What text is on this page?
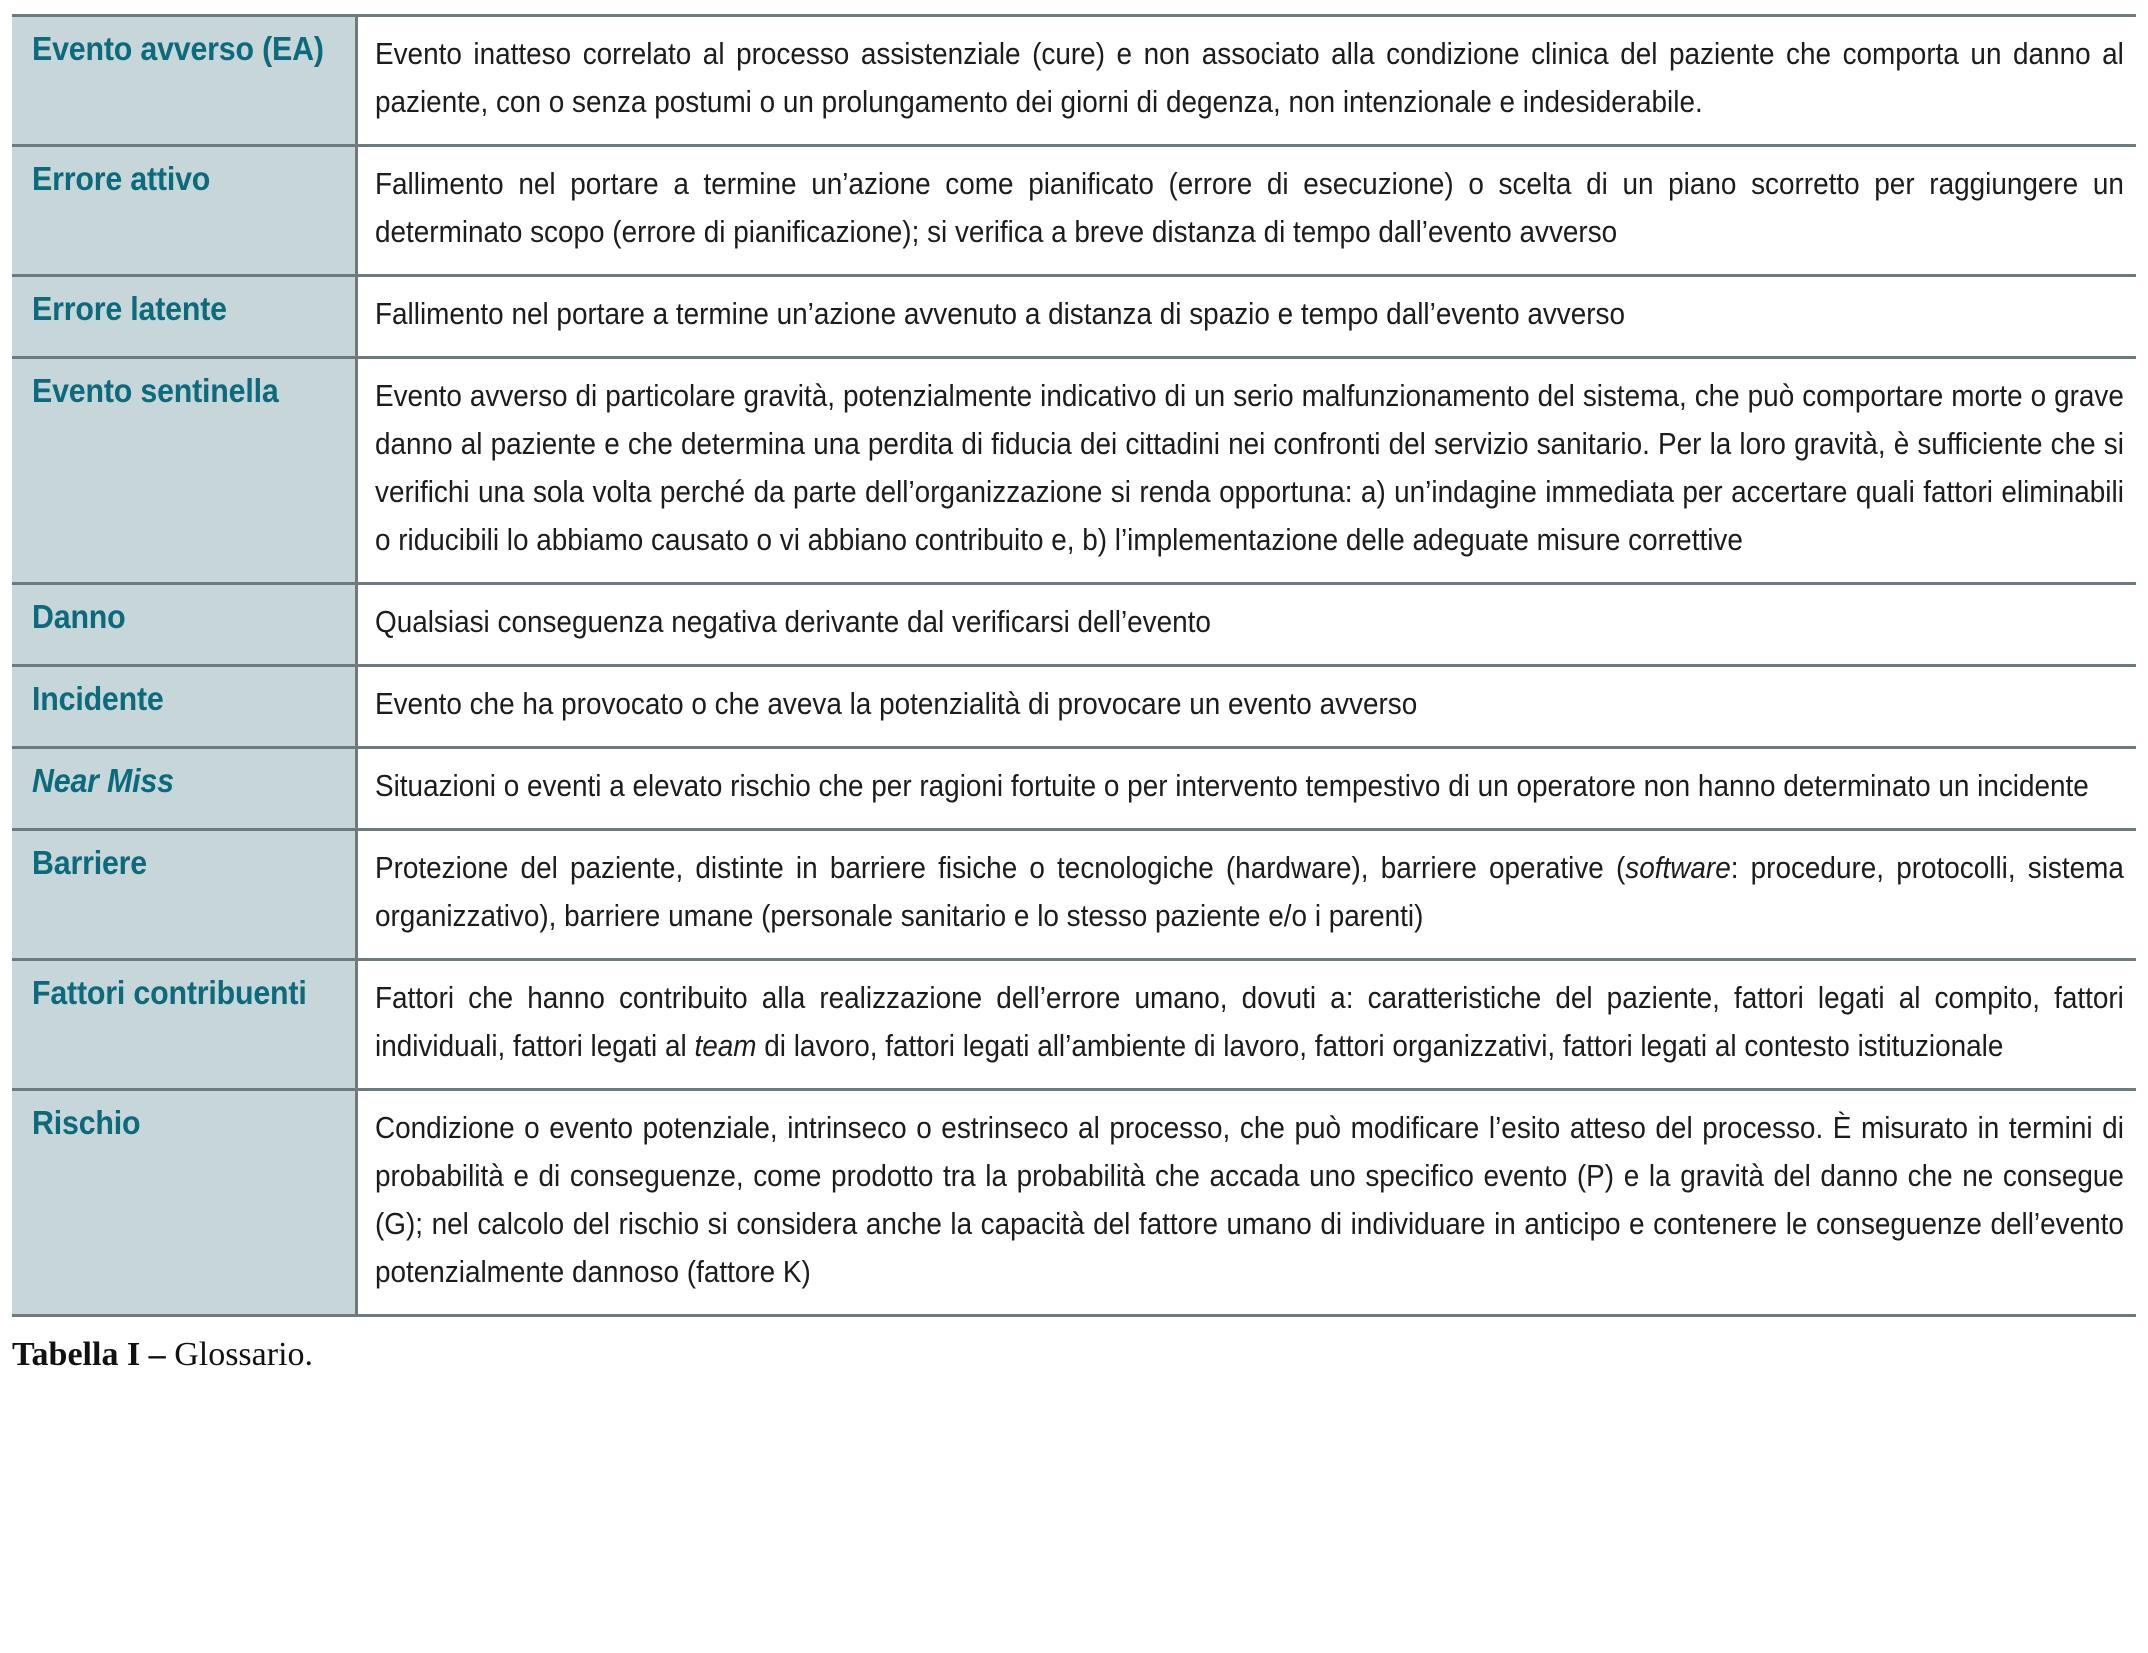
Evento avverso (EA)	Evento inatteso correlato al processo assistenziale (cure) e non associato alla condizione clinica del paziente che comporta un danno al paziente, con o senza postumi o un prolungamento dei giorni di degenza, non intenzionale e indesiderabile.

Errore attivo	Fallimento nel portare a termine un’azione come pianificato (errore di esecuzione) o scelta di un piano scorretto per raggiungere un determinato scopo (errore di pianificazione); si verifica a breve distanza di tempo dall’evento avverso

Errore latente	Fallimento nel portare a termine un’azione avvenuto a distanza di spazio e tempo dall’evento avverso

Evento sentinella	Evento avverso di particolare gravità, potenzialmente indicativo di un serio malfunzionamento del sistema, che può comportare morte o grave danno al paziente e che determina una perdita di fiducia dei cittadini nei confronti del servizio sanitario. Per la loro gravità, è sufficiente che si verifichi una sola volta perché da parte dell’organizzazione si renda opportuna: a) un’indagine immediata per accertare quali fattori eliminabili o riducibili lo abbiamo causato o vi abbiano contribuito e, b) l’implementazione delle adeguate misure correttive

Danno	Qualsiasi conseguenza negativa derivante dal verificarsi dell’evento

Incidente	Evento che ha provocato o che aveva la potenzialità di provocare un evento avverso

Near Miss	Situazioni o eventi a elevato rischio che per ragioni fortuite o per intervento tempestivo di un operatore non hanno determinato un incidente

Barriere	Protezione del paziente, distinte in barriere fisiche o tecnologiche (hardware), barriere operative (software: procedure, protocolli, sistema organizzativo), barriere umane (personale sanitario e lo stesso paziente e/o i parenti)

Fattori contribuenti	Fattori che hanno contribuito alla realizzazione dell’errore umano, dovuti a: caratteristiche del paziente, fattori legati al compito, fattori individuali, fattori legati al team di lavoro, fattori legati all’ambiente di lavoro, fattori organizzativi, fattori legati al contesto istituzionale

Rischio	Condizione o evento potenziale, intrinseco o estrinseco al processo, che può modificare l’esito atteso del processo. È misurato in termini di probabilità e di conseguenze, come prodotto tra la probabilità che accada uno specifico evento (P) e la gravità del danno che ne consegue (G); nel calcolo del rischio si considera anche la capacità del fattore umano di individuare in anticipo e contenere le conseguenze dell’evento potenzialmente dannoso (fattore K)
Tabella I – Glossario.
